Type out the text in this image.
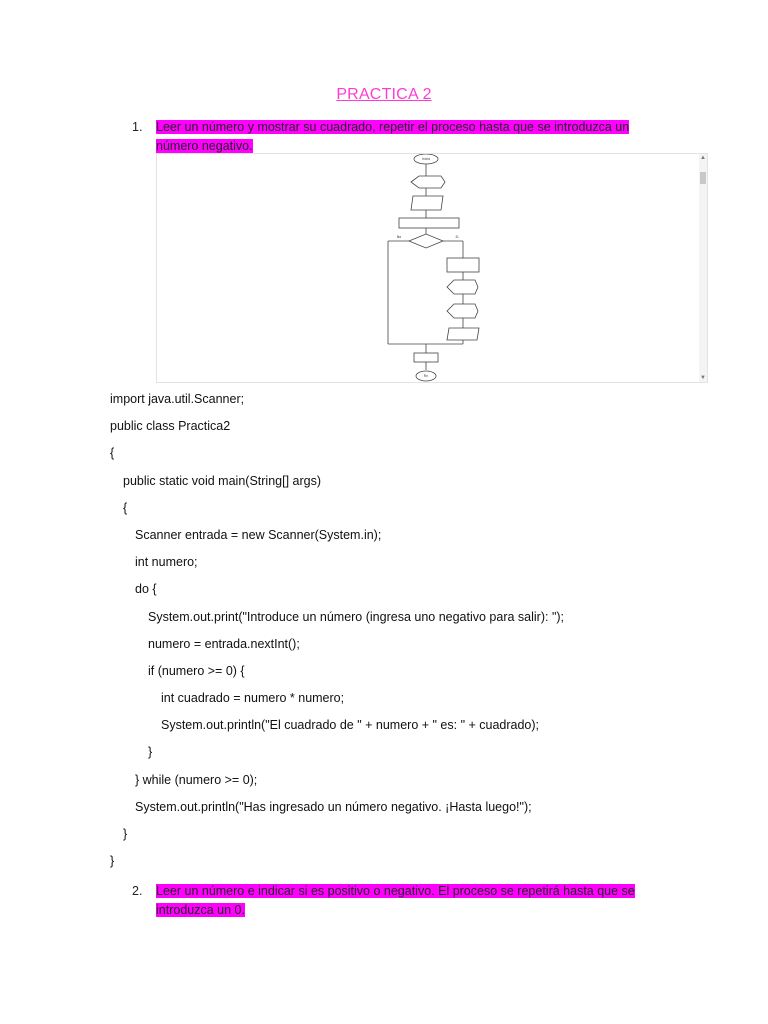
PRACTICA 2
1. Leer un número y mostrar su cuadrado, repetir el proceso hasta que se introduzca un número negativo.
Inicio
Fin
Si
No
▲
▼
import java.util.Scanner;
public class Practica2
{
public static void main(String[] args)
{
Scanner entrada = new Scanner(System.in);
int numero;
do {
System.out.print("Introduce un número (ingresa uno negativo para salir): ");
numero = entrada.nextInt();
if (numero >= 0) {
int cuadrado = numero * numero;
System.out.println("El cuadrado de " + numero + " es: " + cuadrado);
}
} while (numero >= 0);
System.out.println("Has ingresado un número negativo. ¡Hasta luego!");
}
}
2. Leer un número e indicar si es positivo o negativo. El proceso se repetirá hasta que se introduzca un 0.
